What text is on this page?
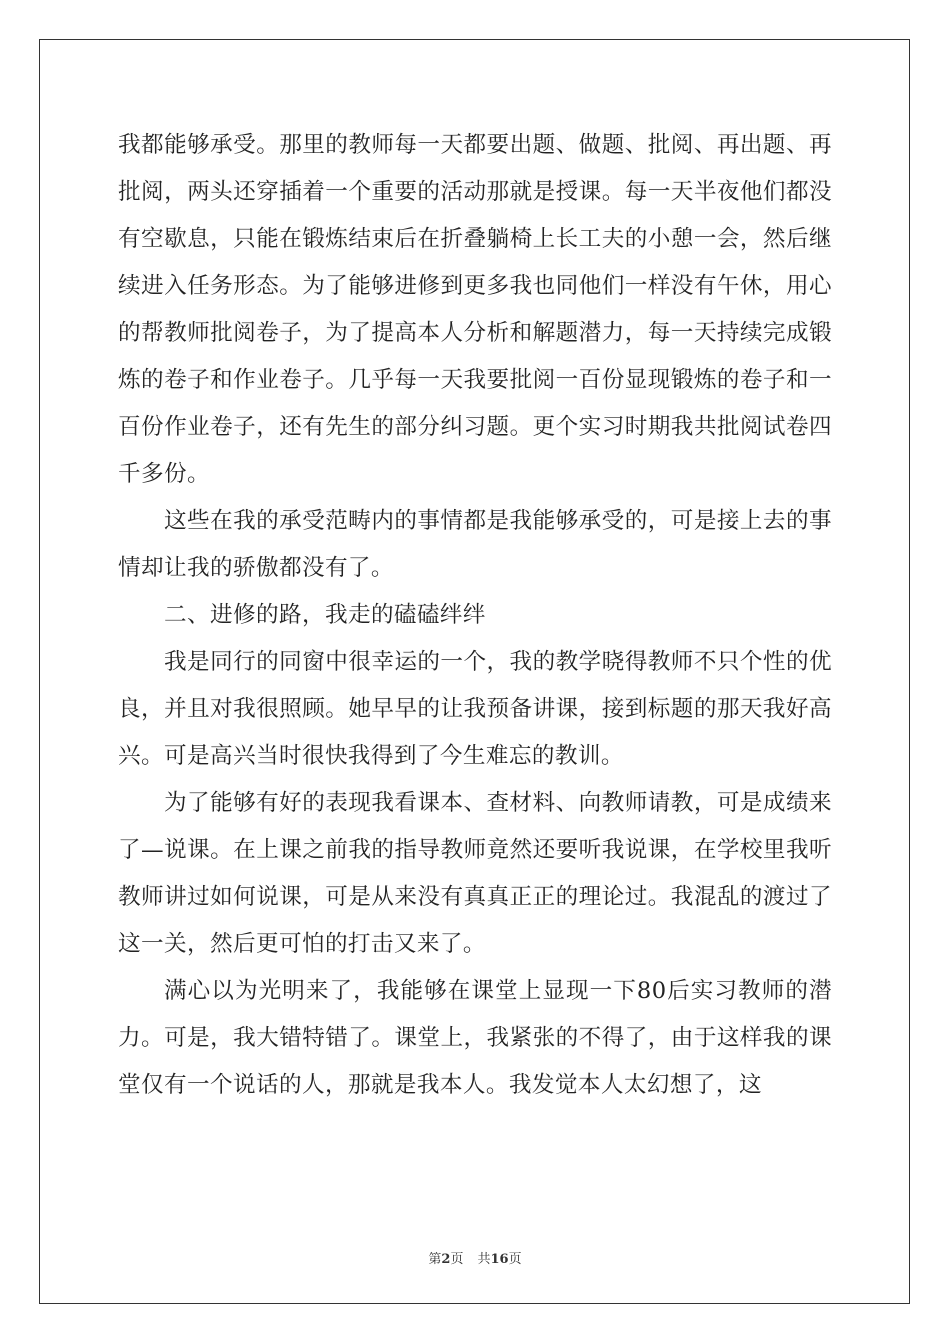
我都能够承受。那里的教师每一天都要出题、做题、批阅、再出题、再批阅，两头还穿插着一个重要的活动那就是授课。每一天半夜他们都没有空歇息，只能在锻炼结束后在折叠躺椅上长工夫的小憩一会，然后继续进入任务形态。为了能够进修到更多我也同他们一样没有午休，用心的帮教师批阅卷子，为了提高本人分析和解题潜力，每一天持续完成锻炼的卷子和作业卷子。几乎每一天我要批阅一百份显现锻炼的卷子和一百份作业卷子，还有先生的部分纠习题。更个实习时期我共批阅试卷四千多份。

这些在我的承受范畴内的事情都是我能够承受的，可是接上去的事情却让我的骄傲都没有了。

二、进修的路，我走的磕磕绊绊

我是同行的同窗中很幸运的一个，我的教学晓得教师不只个性的优良，并且对我很照顾。她早早的让我预备讲课，接到标题的那天我好高兴。可是高兴当时很快我得到了今生难忘的教训。

为了能够有好的表现我看课本、查材料、向教师请教，可是成绩来了—说课。在上课之前我的指导教师竟然还要听我说课，在学校里我听教师讲过如何说课，可是从来没有真真正正的理论过。我混乱的渡过了这一关，然后更可怕的打击又来了。

满心以为光明来了，我能够在课堂上显现一下80后实习教师的潜力。可是，我大错特错了。课堂上，我紧张的不得了，由于这样我的课堂仅有一个说话的人，那就是我本人。我发觉本人太幻想了，这

第2页 共16页
